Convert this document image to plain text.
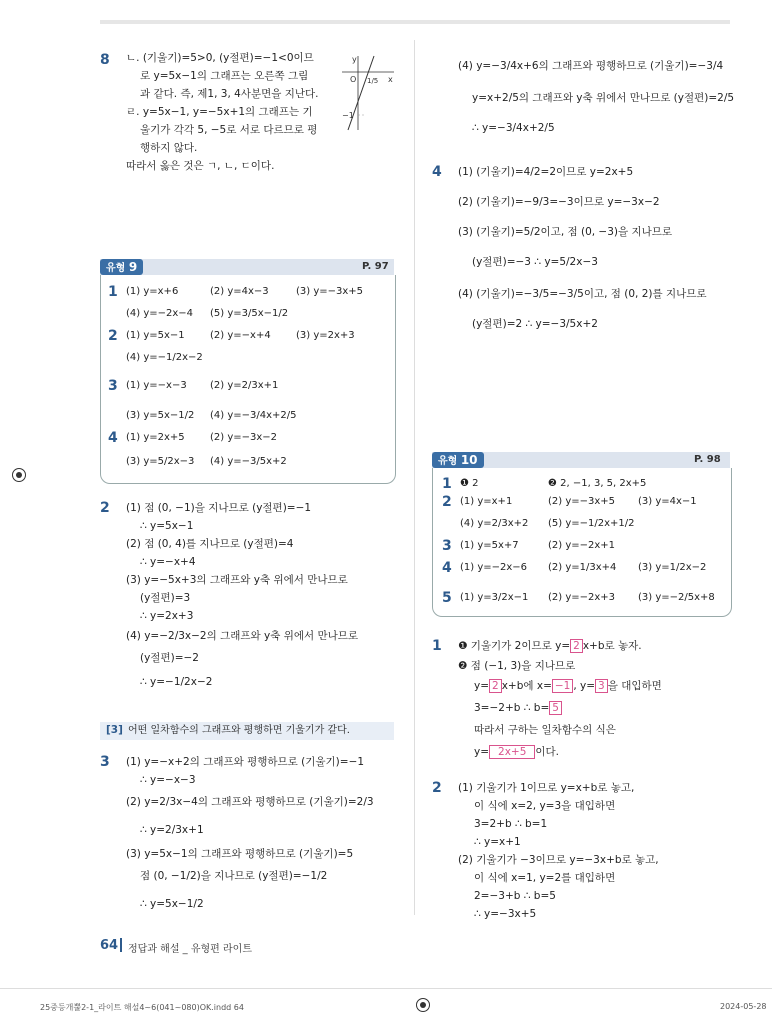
8 ㄴ. (기울기)=5>0, (y절편)=−1<0이므
로 y=5x−1의 그래프는 오른쪽 그림
과 같다. 즉, 제1, 3, 4사분면을 지난다.
ㄹ. y=5x−1, y=−5x+1의 그래프는 기
울기가 각각 5, −5로 서로 다르므로 평
행하지 않다.
따라서 옳은 것은 ㄱ, ㄴ, ㄷ이다.
y
x
O
−1
1/5
유형 9	P. 97
1 (1) y=x+6	(2) y=4x−3	(3) y=−3x+5
(4) y=−2x−4 (5) y=3/5x−1/2
2 (1) y=5x−1	(2) y=−x+4	(3) y=2x+3
(4) y=−1/2x−2
3 (1) y=−x−3 (2) y=2/3x+1
(3) y=5x−1/2 (4) y=−3/4x+2/5
4 (1) y=2x+5	(2) y=−3x−2
(3) y=5/2x−3 (4) y=−3/5x+2
2 (1) 점 (0, −1)을 지나므로 (y절편)=−1
∴ y=5x−1
(2) 점 (0, 4)를 지나므로 (y절편)=4
∴ y=−x+4
(3) y=−5x+3의 그래프와 y축 위에서 만나므로
(y절편)=3
∴ y=2x+3
(4) y=−2/3x−2의 그래프와 y축 위에서 만나므로
(y절편)=−2
∴ y=−1/2x−2
[3] 어떤 일차함수의 그래프와 평행하면 기울기가 같다.
3 (1) y=−x+2의 그래프와 평행하므로 (기울기)=−1
∴ y=−x−3
(2) y=2/3x−4의 그래프와 평행하므로 (기울기)=2/3
∴ y=2/3x+1
(3) y=5x−1의 그래프와 평행하므로 (기울기)=5
점 (0, −1/2)을 지나므로 (y절편)=−1/2
∴ y=5x−1/2
(4) y=−3/4x+6의 그래프와 평행하므로 (기울기)=−3/4
y=x+2/5의 그래프와 y축 위에서 만나므로 (y절편)=2/5
∴ y=−3/4x+2/5
4 (1) (기울기)=4/2=2이므로 y=2x+5
(2) (기울기)=−9/3=−3이므로 y=−3x−2
(3) (기울기)=5/2이고, 점 (0, −3)을 지나므로
(y절편)=−3 ∴ y=5/2x−3
(4) (기울기)=−3/5=−3/5이고, 점 (0, 2)를 지나므로
(y절편)=2 ∴ y=−3/5x+2
유형 10	P. 98
1 ❶ 2	❷ 2, −1, 3, 5, 2x+5
2 (1) y=x+1	(2) y=−3x+5 (3) y=4x−1
(4) y=2/3x+2 (5) y=−1/2x+1/2
3 (1) y=5x+7	(2) y=−2x+1
4 (1) y=−2x−6 (2) y=1/3x+4 (3) y=1/2x−2
5 (1) y=3/2x−1 (2) y=−2x+3 (3) y=−2/5x+8
1 ❶ 기울기가 2이므로 y= 2 x+b로 놓자.
❷ 점 (−1, 3)을 지나므로
y= 2 x+b에 x= −1 , y= 3 을 대입하면
3=−2+b ∴ b= 5
따라서 구하는 일차함수의 식은
y= 2x+5 이다.
2 (1) 기울기가 1이므로 y=x+b로 놓고,
이 식에 x=2, y=3을 대입하면
3=2+b ∴ b=1
∴ y=x+1
(2) 기울기가 −3이므로 y=−3x+b로 놓고,
이 식에 x=1, y=2를 대입하면
2=−3+b ∴ b=5
∴ y=−3x+5
64 정답과 해설 _ 유형편 라이트
25중등개뿔2-1_라이트 해설4~6(041~080)OK.indd 64	2024-05-28
